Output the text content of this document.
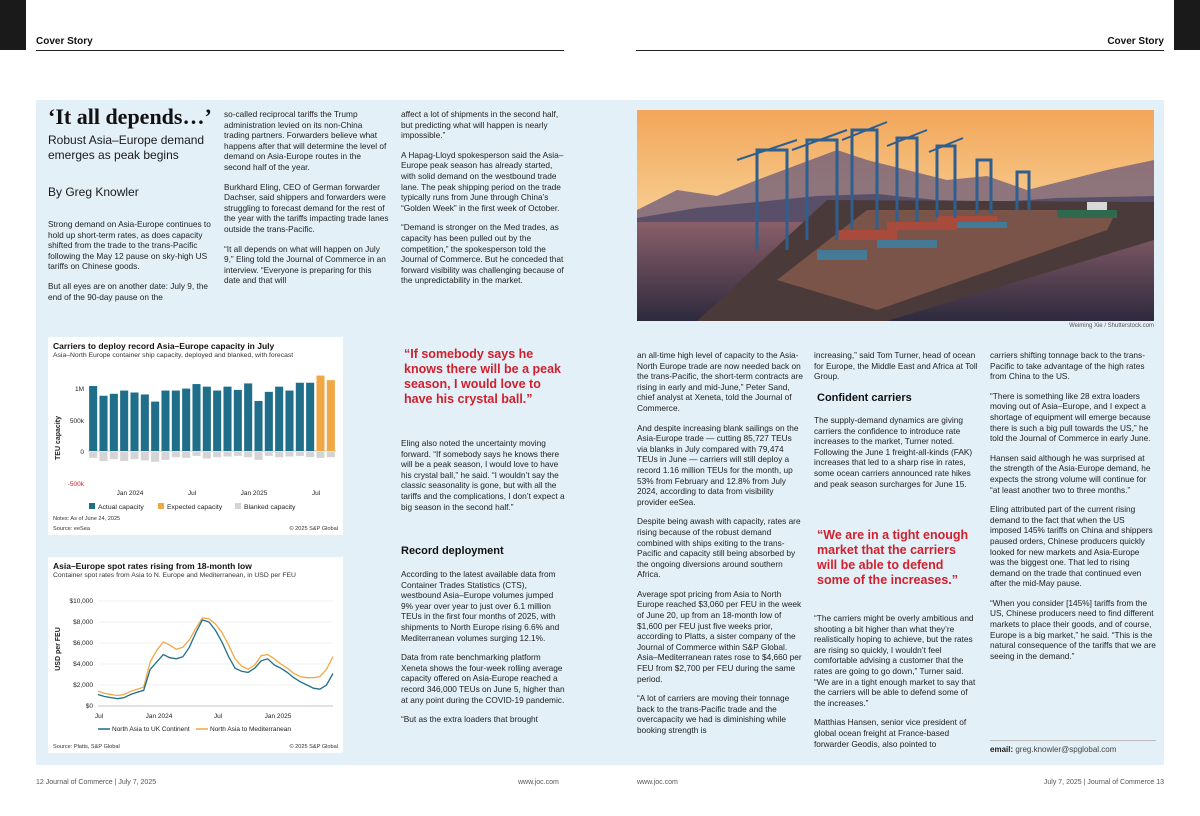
Cover Story	Cover Story
‘It all depends…’
Robust Asia–Europe demand emerges as peak begins
By Greg Knowler

Strong demand on Asia-Europe continues to hold up short-term rates, as does capacity shifted from the trade to the trans-Pacific following the May 12 pause on sky-high US tariffs on Chinese goods.

But all eyes are on another date: July 9, the end of the 90-day pause on the

so-called reciprocal tariffs the Trump administration levied on its non-China trading partners. Forwarders believe what happens after that will determine the level of demand on Asia-Europe routes in the second half of the year.

Burkhard Eling, CEO of German forwarder Dachser, said shippers and forwarders were struggling to forecast demand for the rest of the year with the tariffs impacting trade lanes outside the trans-Pacific.

“It all depends on what will happen on July 9,” Eling told the Journal of Commerce in an interview. “Everyone is preparing for this date and that will

affect a lot of shipments in the second half, but predicting what will happen is nearly impossible.”

A Hapag-Lloyd spokesperson said the Asia–Europe peak season has already started, with solid demand on the westbound trade lane. The peak shipping period on the trade typically runs from June through China’s “Golden Week” in the first week of October.

“Demand is stronger on the Med trades, as capacity has been pulled out by the competition,” the spokesperson told the Journal of Commerce. But he conceded that forward visibility was challenging because of the unpredictability in the market.

Carriers to deploy record Asia–Europe capacity in July
Asia–North Europe container ship capacity, deployed and blanked, with forecast
TEU capacity
1M
500k
0
-500k
Jan 2024	Jul	Jan 2025	Jul
Actual capacity	Expected capacity	Blanked capacity
Notes: As of June 24, 2025
Source: eeSea	© 2025 S&P Global
Asia–Europe spot rates rising from 18-month low
Container spot rates from Asia to N. Europe and Mediterranean, in USD per FEU
USD per FEU
$10,000
$8,000
$6,000
$4,000
$2,000
$0
Jul	Jan 2024	Jul	Jan 2025
North Asia to UK Continent	North Asia to Mediterranean
Source: Platts, S&P Global	© 2025 S&P Global
“If somebody says he knows there will be a peak season, I would love to have his crystal ball.”

Eling also noted the uncertainty moving forward. “If somebody says he knows there will be a peak season, I would love to have his crystal ball,” he said. “I wouldn’t say the classic seasonality is gone, but with all the tariffs and the complications, I don’t expect a big season in the second half.”

Record deployment

According to the latest available data from Container Trades Statistics (CTS), westbound Asia–Europe volumes jumped 9% year over year to just over 6.1 million TEUs in the first four months of 2025, with shipments to North Europe rising 6.6% and Mediterranean volumes surging 12.1%.

Data from rate benchmarking platform Xeneta shows the four-week rolling average capacity offered on Asia-Europe reached a record 346,000 TEUs on June 5, higher than at any point during the COVID-19 pandemic.

“But as the extra loaders that brought

Weiming Xie / Shutterstock.com

an all-time high level of capacity to the Asia-North Europe trade are now needed back on the trans-Pacific, the short-term contracts are rising in early and mid-June,” Peter Sand, chief analyst at Xeneta, told the Journal of Commerce.

And despite increasing blank sailings on the Asia-Europe trade — cutting 85,727 TEUs via blanks in July compared with 79,474 TEUs in June — carriers will still deploy a record 1.16 million TEUs for the month, up 53% from February and 12.8% from July 2024, according to data from visibility provider eeSea.

Despite being awash with capacity, rates are rising because of the robust demand combined with ships exiting to the trans-Pacific and capacity still being absorbed by the ongoing diversions around southern Africa.

Average spot pricing from Asia to North Europe reached $3,060 per FEU in the week of June 20, up from an 18-month low of $1,600 per FEU just five weeks prior, according to Platts, a sister company of the Journal of Commerce within S&P Global. Asia–Mediterranean rates rose to $4,660 per FEU from $2,700 per FEU during the same period.

“A lot of carriers are moving their tonnage back to the trans-Pacific trade and the overcapacity we had is diminishing while booking strength is

increasing,” said Tom Turner, head of ocean for Europe, the Middle East and Africa at Toll Group.

Confident carriers

The supply-demand dynamics are giving carriers the confidence to introduce rate increases to the market, Turner noted. Following the June 1 freight-all-kinds (FAK) increases that led to a sharp rise in rates, some ocean carriers announced rate hikes and peak season surcharges for June 15.

“We are in a tight enough market that the carriers will be able to defend some of the increases.”

“The carriers might be overly ambitious and shooting a bit higher than what they’re realistically hoping to achieve, but the rates are rising so quickly, I wouldn’t feel comfortable advising a customer that the rates are going to go down,” Turner said. “We are in a tight enough market to say that the carriers will be able to defend some of the increases.”

Matthias Hansen, senior vice president of global ocean freight at France-based forwarder Geodis, also pointed to

carriers shifting tonnage back to the trans-Pacific to take advantage of the high rates from China to the US.

“There is something like 28 extra loaders moving out of Asia–Europe, and I expect a shortage of equipment will emerge because there is such a big pull towards the US,” he told the Journal of Commerce in early June.

Hansen said although he was surprised at the strength of the Asia-Europe demand, he expects the strong volume will continue for “at least another two to three months.”

Eling attributed part of the current rising demand to the fact that when the US imposed 145% tariffs on China and shippers paused orders, Chinese producers quickly looked for new markets and Asia-Europe was the biggest one. That led to rising demand on the trade that continued even after the mid-May pause.

“When you consider [145%] tariffs from the US, Chinese producers need to find different markets to place their goods, and of course, Europe is a big market,” he said. “This is the natural consequence of the tariffs that we are seeing in the demand.”

email: greg.knowler@spglobal.com
12 Journal of Commerce | July 7, 2025	www.joc.com	www.joc.com	July 7, 2025 | Journal of Commerce 13
